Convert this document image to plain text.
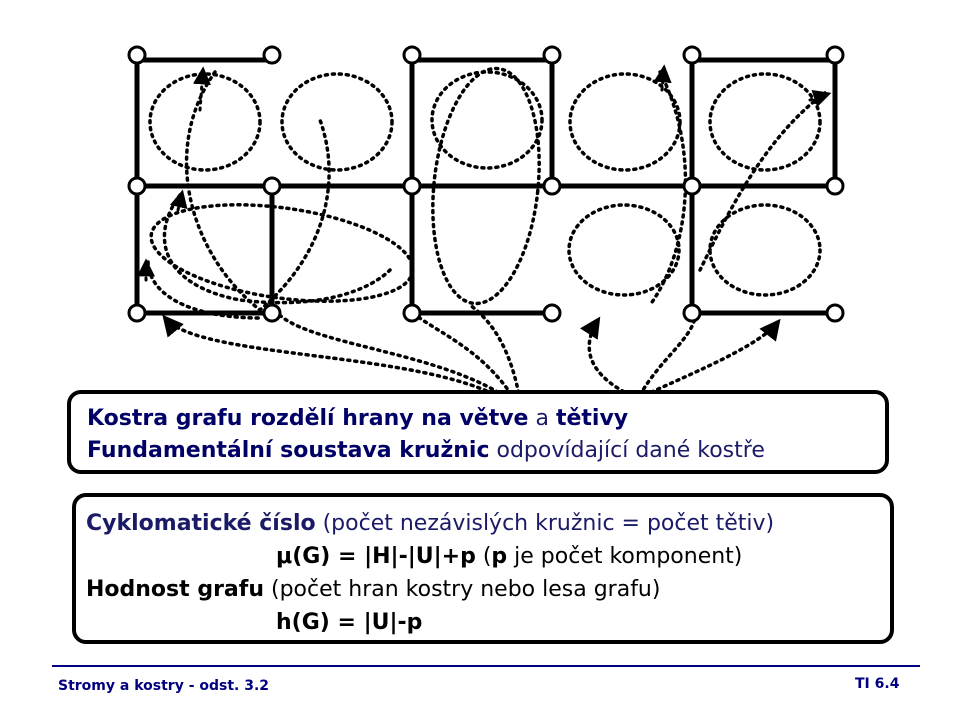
Kostra grafu rozdělí hrany na větve a tětivy
Fundamentální soustava kružnic odpovídající dané kostře
Cyklomatické číslo (počet nezávislých kružnic = počet tětiv)
μ(G) = |H|-|U|+p (p je počet komponent)
Hodnost grafu (počet hran kostry nebo lesa grafu)
h(G) = |U|-p
Stromy a kostry - odst. 3.2	TI 6.4
